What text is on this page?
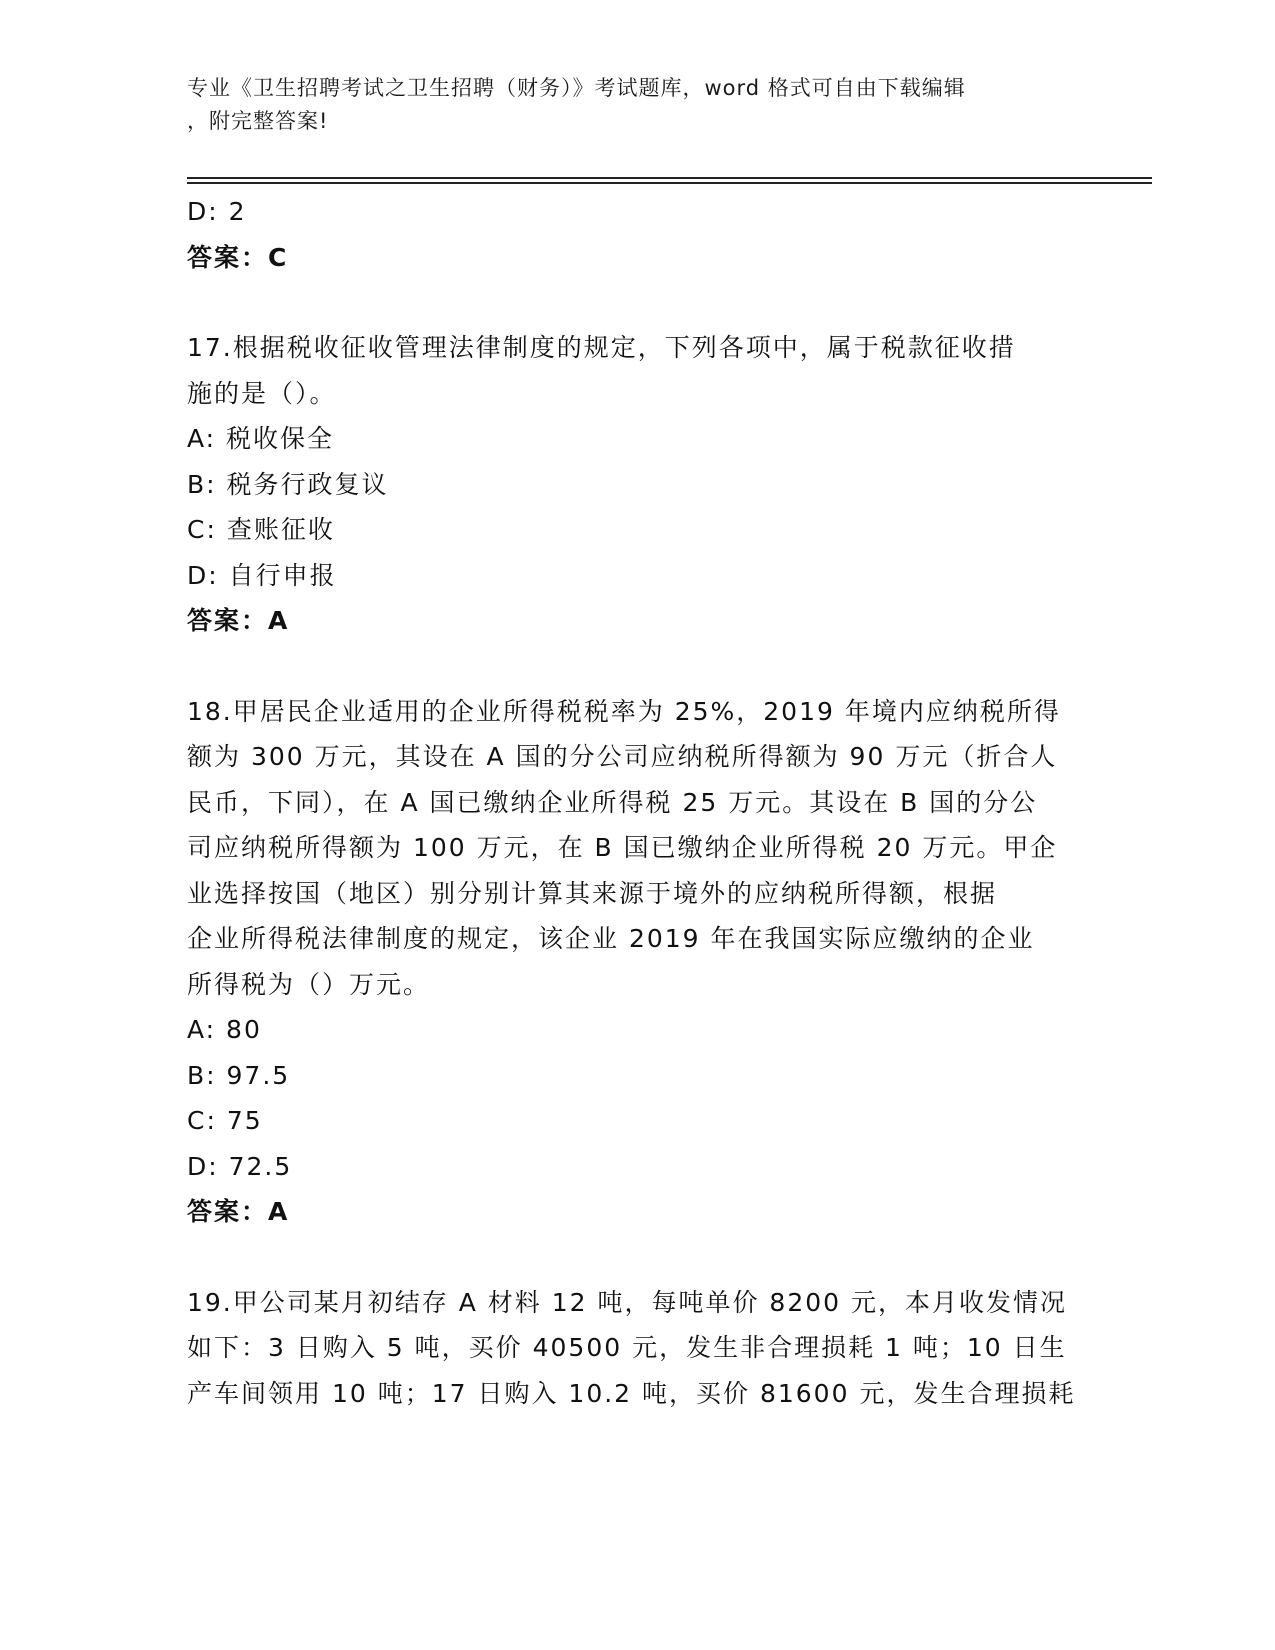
专业《卫生招聘考试之卫生招聘（财务）》考试题库，word 格式可自由下载编辑
，附完整答案!
D: 2
答案：C
17.根据税收征收管理法律制度的规定，下列各项中，属于税款征收措
施的是（）。
A: 税收保全
B: 税务行政复议
C: 查账征收
D: 自行申报
答案：A
18.甲居民企业适用的企业所得税税率为 25%，2019 年境内应纳税所得
额为 300 万元，其设在 A 国的分公司应纳税所得额为 90 万元（折合人
民币，下同），在 A 国已缴纳企业所得税 25 万元。其设在 B 国的分公
司应纳税所得额为 100 万元，在 B 国已缴纳企业所得税 20 万元。甲企
业选择按国（地区）别分别计算其来源于境外的应纳税所得额，根据
企业所得税法律制度的规定，该企业 2019 年在我国实际应缴纳的企业
所得税为（）万元。
A: 80
B: 97.5
C: 75
D: 72.5
答案：A
19.甲公司某月初结存 A 材料 12 吨，每吨单价 8200 元，本月收发情况
如下：3 日购入 5 吨，买价 40500 元，发生非合理损耗 1 吨；10 日生
产车间领用 10 吨；17 日购入 10.2 吨，买价 81600 元，发生合理损耗
